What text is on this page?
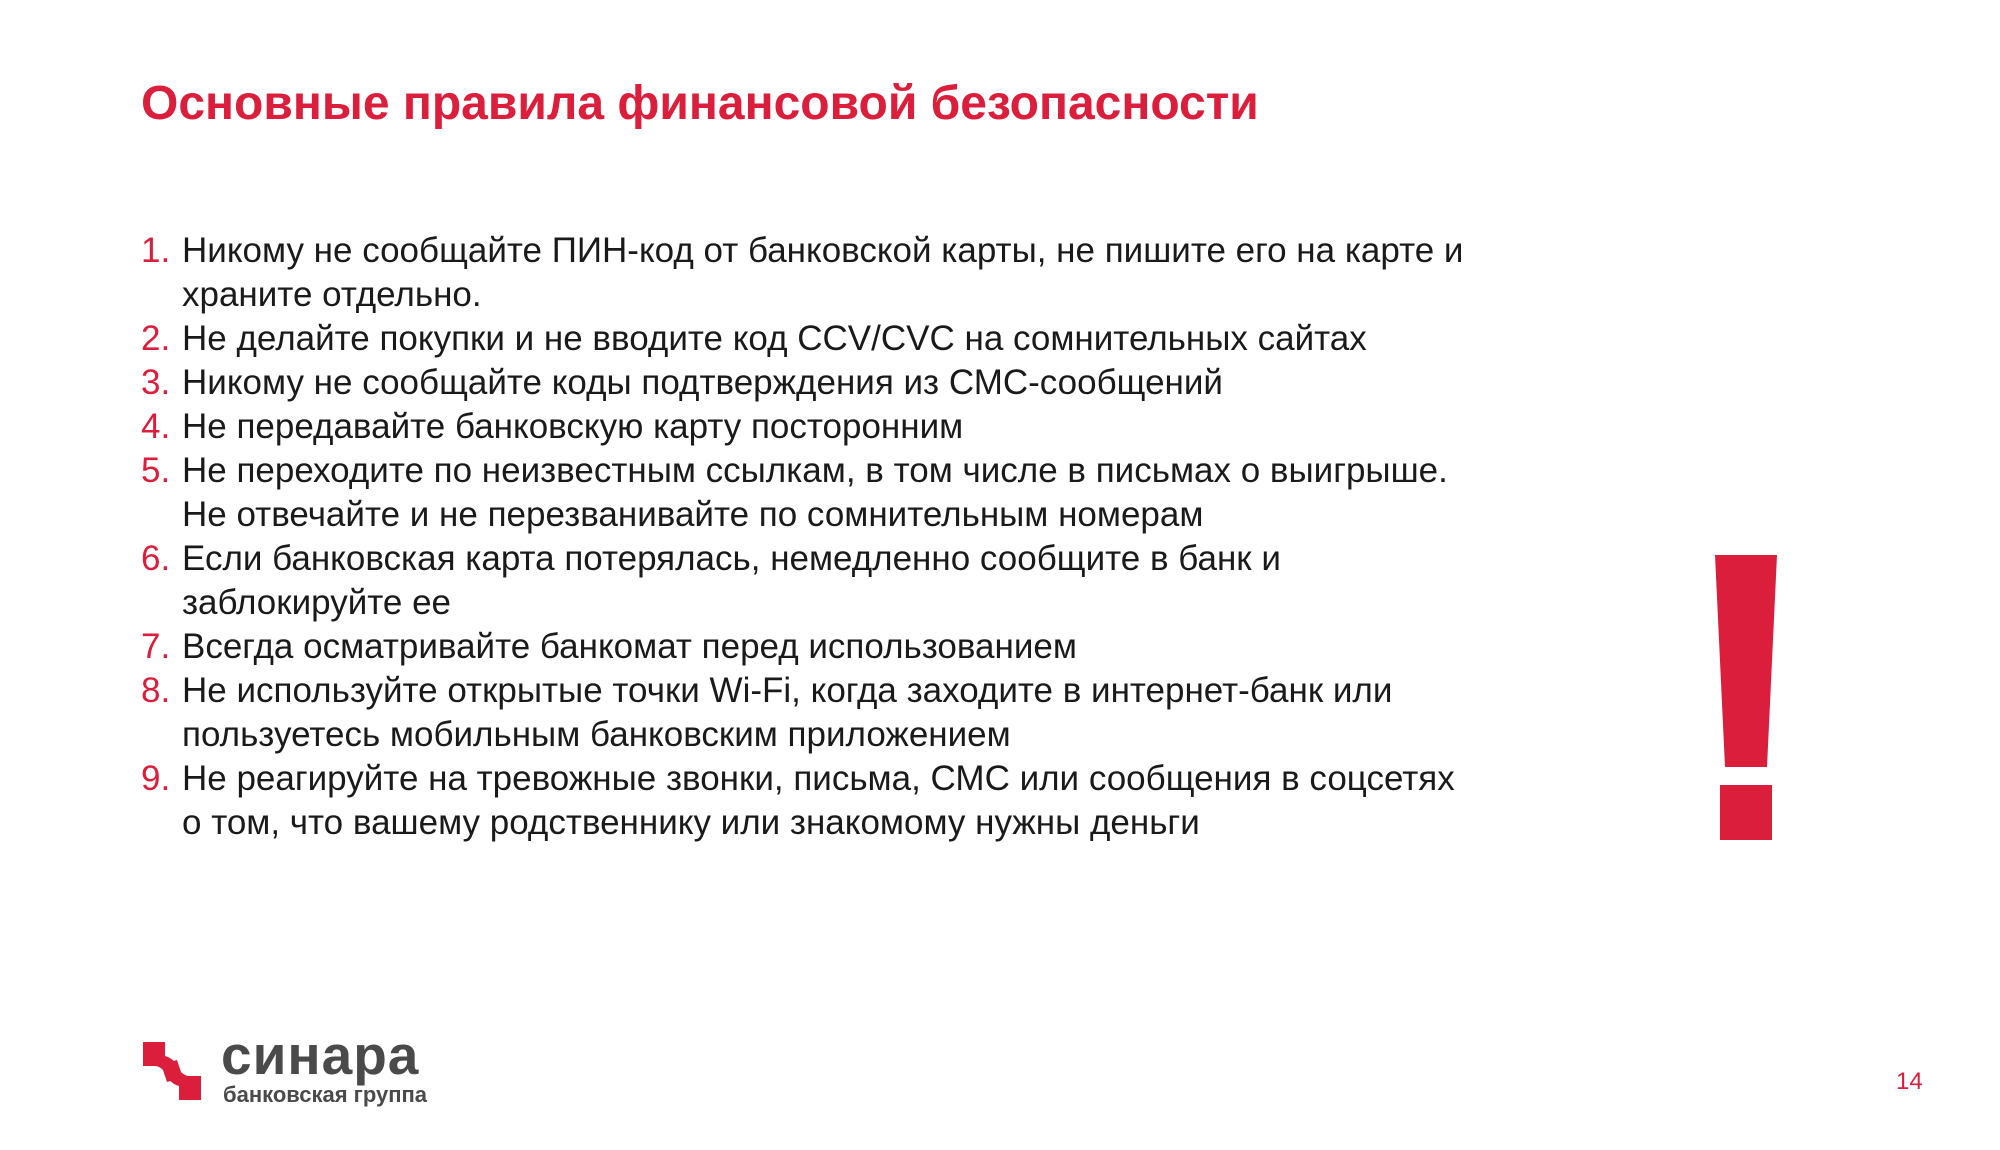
Основные правила финансовой безопасности
1. Никому не сообщайте ПИН-код от банковской карты, не пишите его на карте и храните отдельно.
2. Не делайте покупки и не вводите код CCV/CVC на сомнительных сайтах
3. Никому не сообщайте коды подтверждения из СМС-сообщений
4. Не передавайте банковскую карту посторонним
5. Не переходите по неизвестным ссылкам, в том числе в письмах о выигрыше. Не отвечайте и не перезванивайте по сомнительным номерам
6. Если банковская карта потерялась, немедленно сообщите в банк и заблокируйте ее
7. Всегда осматривайте банкомат перед использованием
8. Не используйте открытые точки Wi-Fi, когда заходите в интернет-банк или пользуетесь мобильным банковским приложением
9. Не реагируйте на тревожные звонки, письма, СМС или сообщения в соцсетях о том, что вашему родственнику или знакомому нужны деньги
синара
банковская группа	14
